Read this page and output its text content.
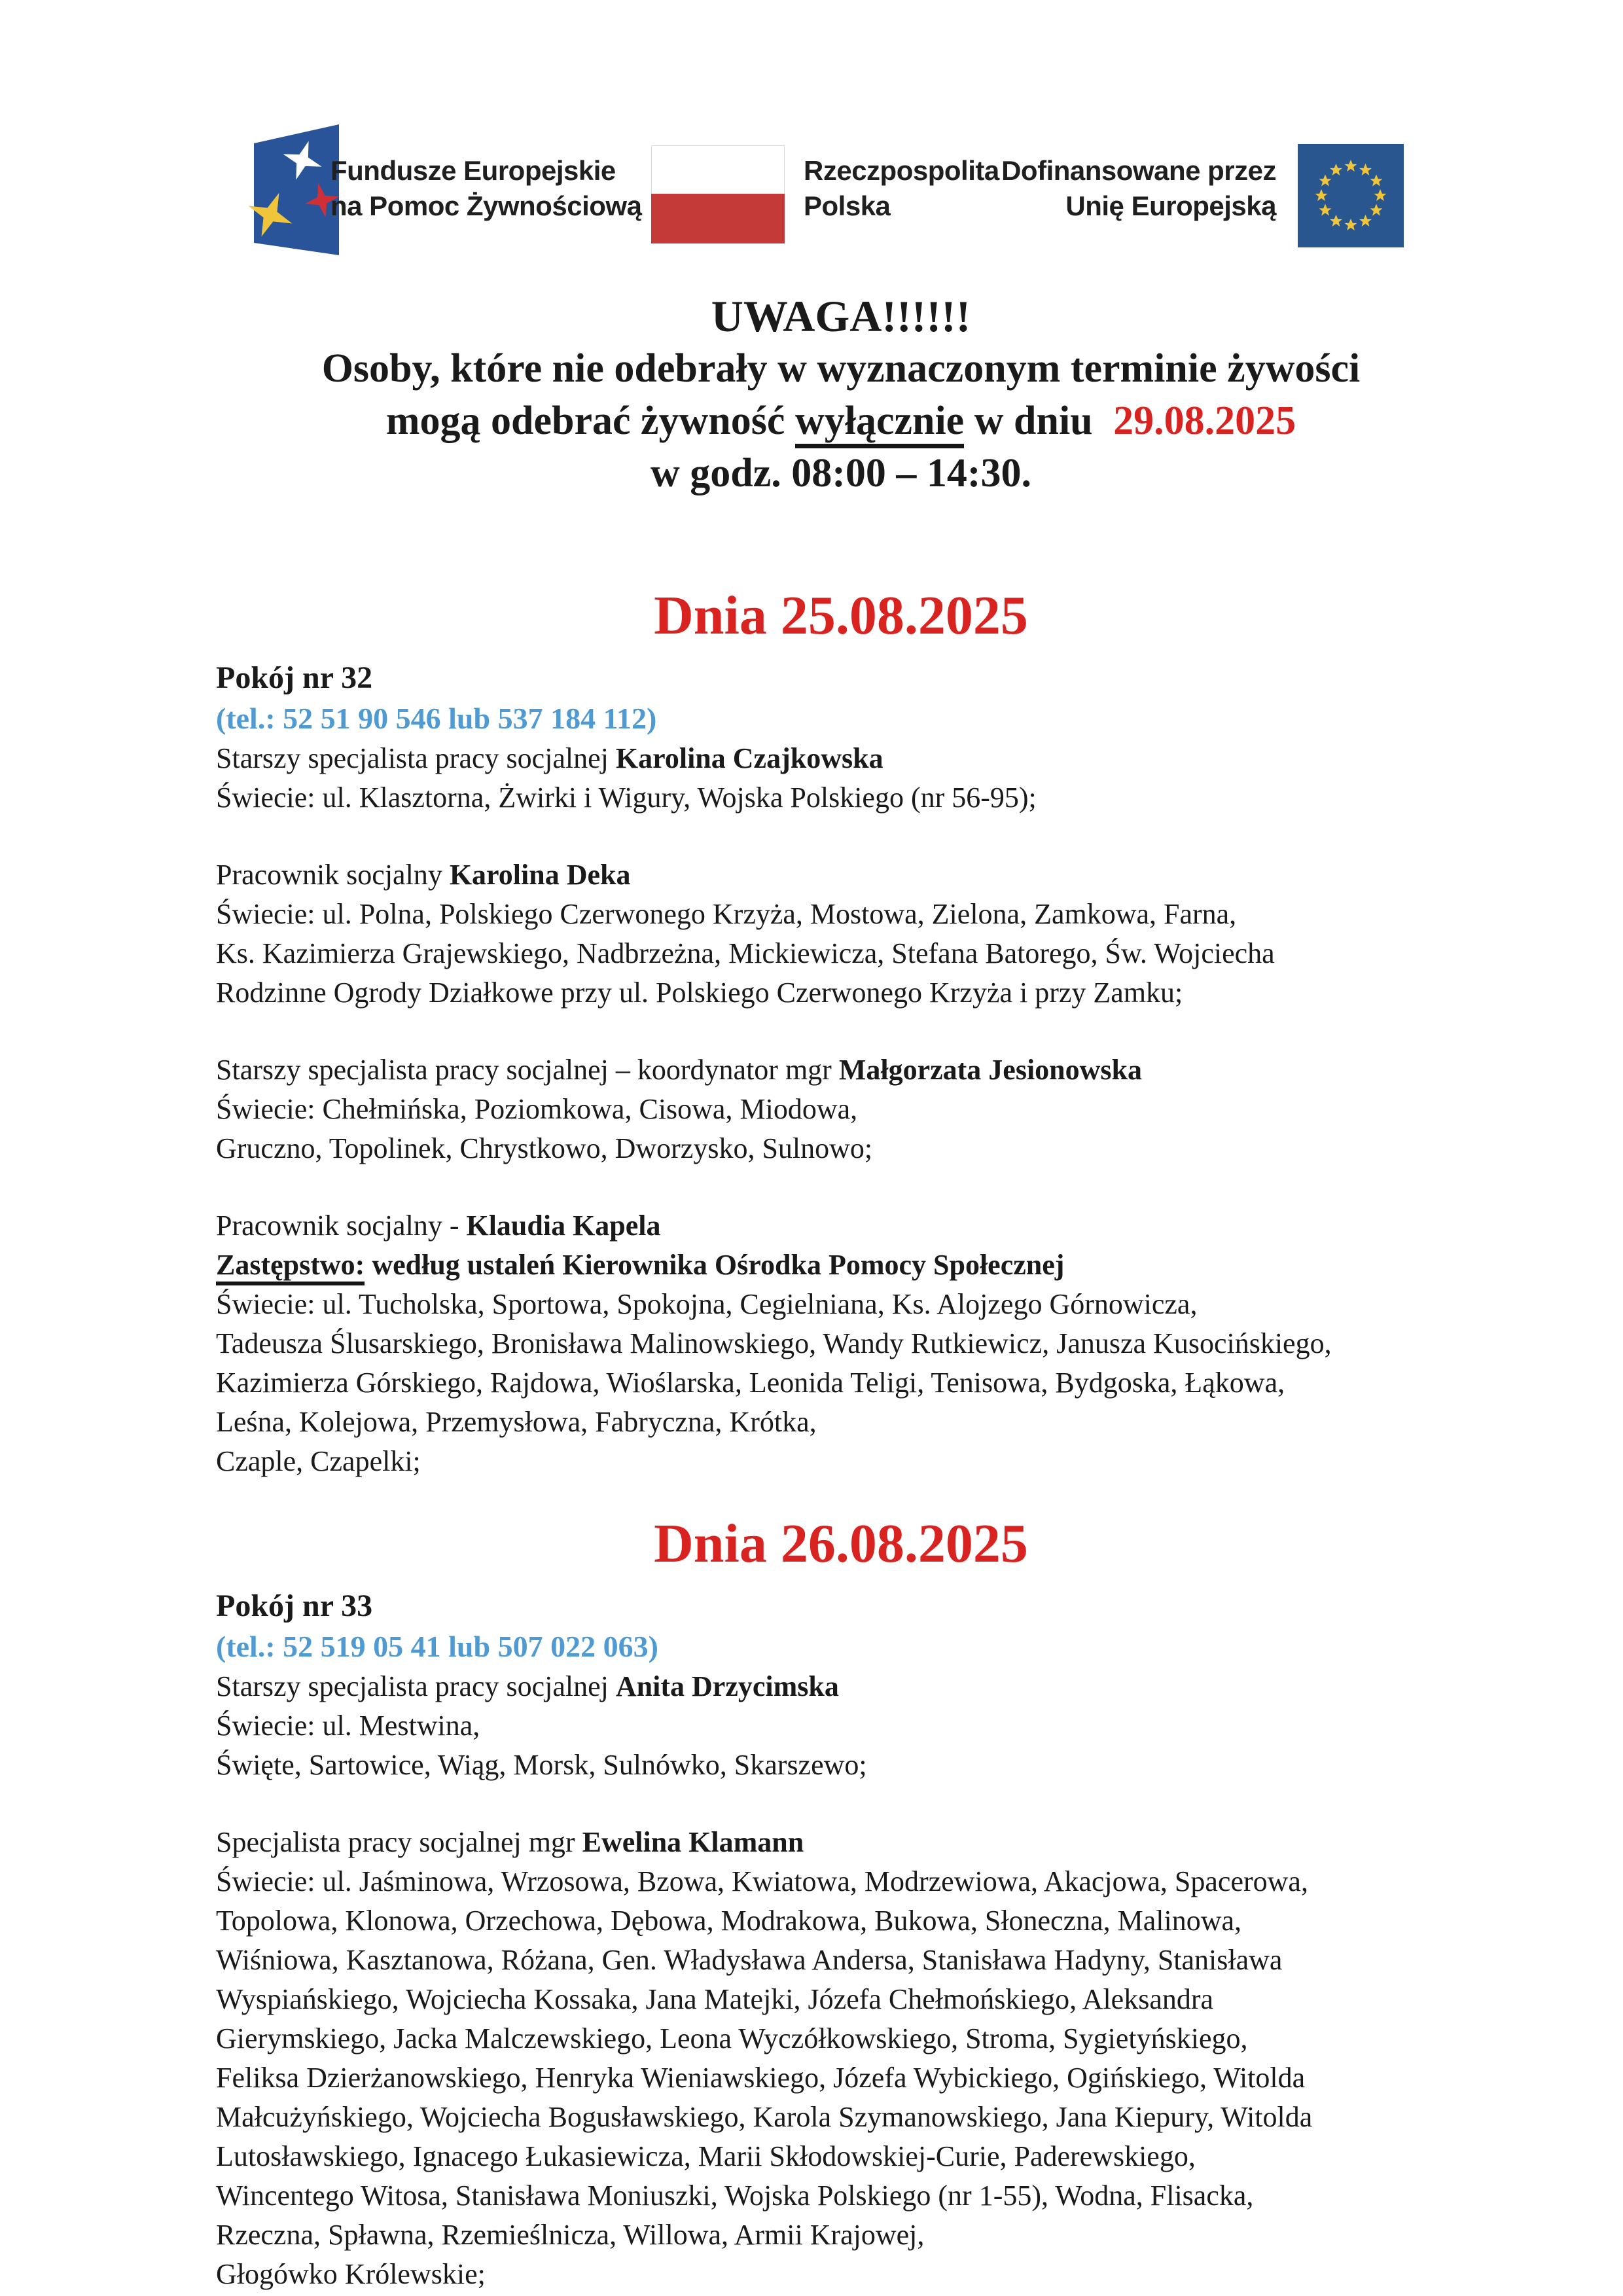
Fundusze Europejskie
na Pomoc Żywnościową
Rzeczpospolita
Polska
Dofinansowane przez
Unię Europejską
UWAGA!!!!!!
Osoby, które nie odebrały w wyznaczonym terminie żywości
mogą odebrać żywność wyłącznie w dniu 29.08.2025
w godz. 08:00 – 14:30.
Dnia 25.08.2025
Pokój nr 32
(tel.: 52 51 90 546 lub 537 184 112)
Starszy specjalista pracy socjalnej Karolina Czajkowska
Świecie: ul. Klasztorna, Żwirki i Wigury, Wojska Polskiego (nr 56-95);
Pracownik socjalny Karolina Deka
Świecie: ul. Polna, Polskiego Czerwonego Krzyża, Mostowa, Zielona, Zamkowa, Farna,
Ks. Kazimierza Grajewskiego, Nadbrzeżna, Mickiewicza, Stefana Batorego, Św. Wojciecha
Rodzinne Ogrody Działkowe przy ul. Polskiego Czerwonego Krzyża i przy Zamku;
Starszy specjalista pracy socjalnej – koordynator mgr Małgorzata Jesionowska
Świecie: Chełmińska, Poziomkowa, Cisowa, Miodowa,
Gruczno, Topolinek, Chrystkowo, Dworzysko, Sulnowo;
Pracownik socjalny - Klaudia Kapela
Zastępstwo: według ustaleń Kierownika Ośrodka Pomocy Społecznej
Świecie: ul. Tucholska, Sportowa, Spokojna, Cegielniana, Ks. Alojzego Górnowicza,
Tadeusza Ślusarskiego, Bronisława Malinowskiego, Wandy Rutkiewicz, Janusza Kusocińskiego,
Kazimierza Górskiego, Rajdowa, Wioślarska, Leonida Teligi, Tenisowa, Bydgoska, Łąkowa,
Leśna, Kolejowa, Przemysłowa, Fabryczna, Krótka,
Czaple, Czapelki;
Dnia 26.08.2025
Pokój nr 33
(tel.: 52 519 05 41 lub 507 022 063)
Starszy specjalista pracy socjalnej Anita Drzycimska
Świecie: ul. Mestwina,
Święte, Sartowice, Wiąg, Morsk, Sulnówko, Skarszewo;
Specjalista pracy socjalnej mgr Ewelina Klamann
Świecie: ul. Jaśminowa, Wrzosowa, Bzowa, Kwiatowa, Modrzewiowa, Akacjowa, Spacerowa,
Topolowa, Klonowa, Orzechowa, Dębowa, Modrakowa, Bukowa, Słoneczna, Malinowa,
Wiśniowa, Kasztanowa, Różana, Gen. Władysława Andersa, Stanisława Hadyny, Stanisława
Wyspiańskiego, Wojciecha Kossaka, Jana Matejki, Józefa Chełmońskiego, Aleksandra
Gierymskiego, Jacka Malczewskiego, Leona Wyczółkowskiego, Stroma, Sygietyńskiego,
Feliksa Dzierżanowskiego, Henryka Wieniawskiego, Józefa Wybickiego, Ogińskiego, Witolda
Małcużyńskiego, Wojciecha Bogusławskiego, Karola Szymanowskiego, Jana Kiepury, Witolda
Lutosławskiego, Ignacego Łukasiewicza, Marii Skłodowskiej-Curie, Paderewskiego,
Wincentego Witosa, Stanisława Moniuszki, Wojska Polskiego (nr 1-55), Wodna, Flisacka,
Rzeczna, Spławna, Rzemieślnicza, Willowa, Armii Krajowej,
Głogówko Królewskie;
